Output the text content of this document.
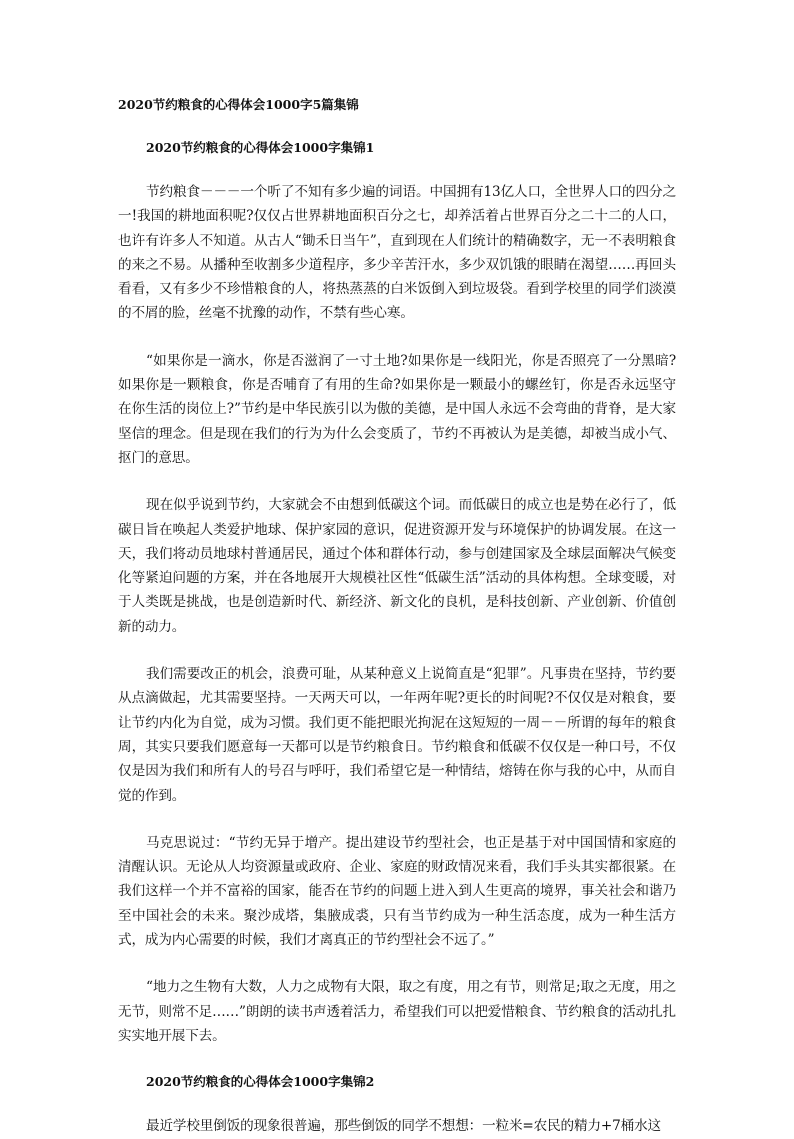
2020节约粮食的心得体会1000字5篇集锦
2020节约粮食的心得体会1000字集锦1

节约粮食－－－一个听了不知有多少遍的词语。中国拥有13亿人口，全世界人口的四分之一!我国的耕地面积呢?仅仅占世界耕地面积百分之七，却养活着占世界百分之二十二的人口，也许有许多人不知道。从古人“锄禾日当午”，直到现在人们统计的精确数字，无一不表明粮食的来之不易。从播种至收割多少道程序，多少辛苦汗水，多少双饥饿的眼睛在渴望……再回头看看，又有多少不珍惜粮食的人，将热蒸蒸的白米饭倒入到垃圾袋。看到学校里的同学们淡漠的不屑的脸，丝毫不扰豫的动作，不禁有些心寒。

“如果你是一滴水，你是否滋润了一寸土地?如果你是一线阳光，你是否照亮了一分黑暗?如果你是一颗粮食，你是否哺育了有用的生命?如果你是一颗最小的螺丝钉，你是否永远坚守在你生活的岗位上?”节约是中华民族引以为傲的美德，是中国人永远不会弯曲的背脊，是大家坚信的理念。但是现在我们的行为为什么会变质了，节约不再被认为是美德，却被当成小气、抠门的意思。

现在似乎说到节约，大家就会不由想到低碳这个词。而低碳日的成立也是势在必行了，低碳日旨在唤起人类爱护地球、保护家园的意识，促进资源开发与环境保护的协调发展。在这一天，我们将动员地球村普通居民，通过个体和群体行动，参与创建国家及全球层面解决气候变化等紧迫问题的方案，并在各地展开大规模社区性“低碳生活”活动的具体构想。全球变暖，对于人类既是挑战，也是创造新时代、新经济、新文化的良机，是科技创新、产业创新、价值创新的动力。

我们需要改正的机会，浪费可耻，从某种意义上说简直是“犯罪”。凡事贵在坚持，节约要从点滴做起，尤其需要坚持。一天两天可以，一年两年呢?更长的时间呢?不仅仅是对粮食，要让节约内化为自觉，成为习惯。我们更不能把眼光拘泥在这短短的一周－－所谓的每年的粮食周，其实只要我们愿意每一天都可以是节约粮食日。节约粮食和低碳不仅仅是一种口号，不仅仅是因为我们和所有人的号召与呼吁，我们希望它是一种情结，熔铸在你与我的心中，从而自觉的作到。

马克思说过：“节约无异于增产。提出建设节约型社会，也正是基于对中国国情和家庭的清醒认识。无论从人均资源量或政府、企业、家庭的财政情况来看，我们手头其实都很紧。在我们这样一个并不富裕的国家，能否在节约的问题上进入到人生更高的境界，事关社会和谐乃至中国社会的未来。聚沙成塔，集腋成裘，只有当节约成为一种生活态度，成为一种生活方式，成为内心需要的时候，我们才离真正的节约型社会不远了。”

“地力之生物有大数，人力之成物有大限，取之有度，用之有节，则常足;取之无度，用之无节，则常不足……”朗朗的读书声透着活力，希望我们可以把爱惜粮食、节约粮食的活动扎扎实实地开展下去。

2020节约粮食的心得体会1000字集锦2

最近学校里倒饭的现象很普遍，那些倒饭的同学不想想：一粒米=农民的精力+7桶水这
